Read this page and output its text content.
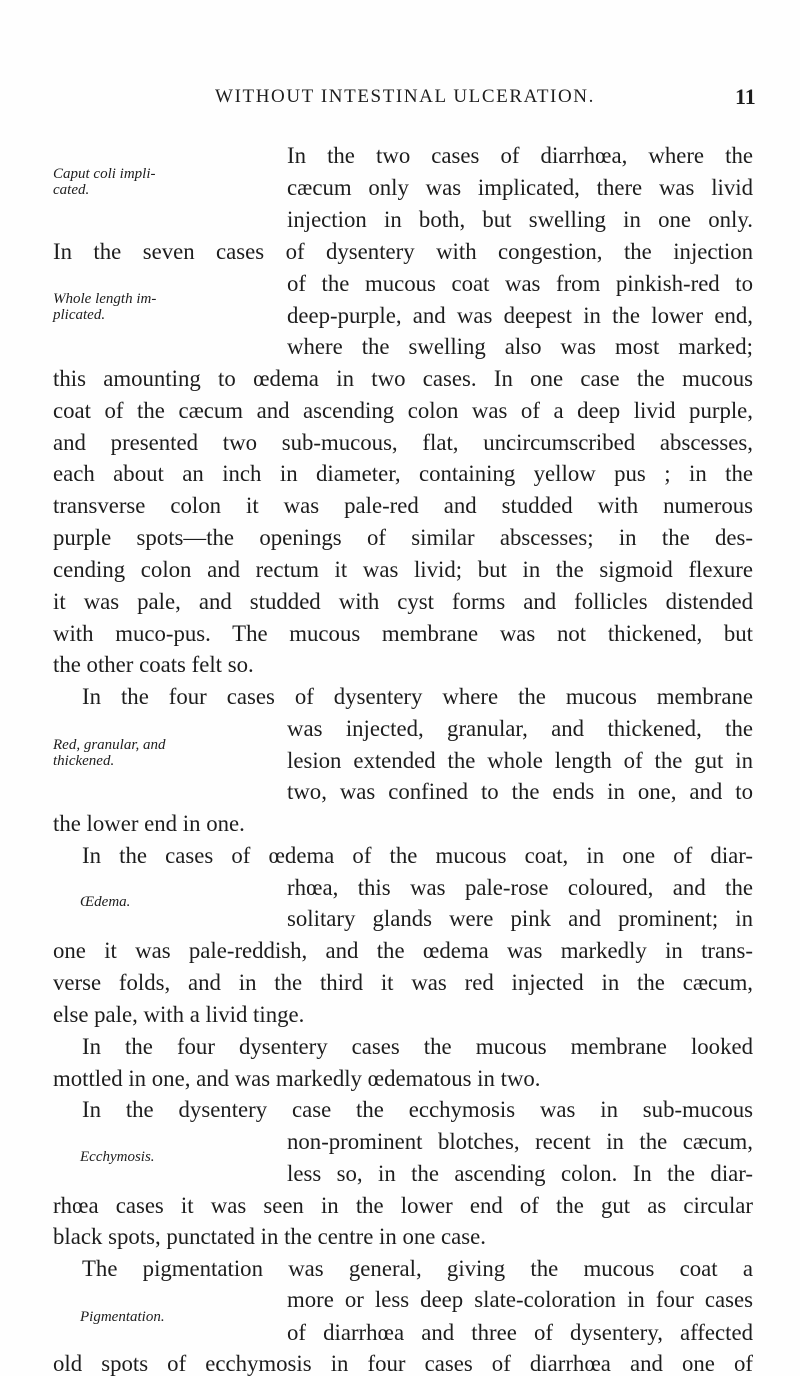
WITHOUT INTESTINAL ULCERATION.	11
In the two cases of diarrhœa, where the
Caput coli impli-
cated.	cæcum only was implicated, there was livid
injection in both, but swelling in one only.
In the seven cases of dysentery with congestion, the injection
of the mucous coat was from pinkish-red to
Whole length im-
plicated.	deep-purple, and was deepest in the lower end,
where the swelling also was most marked;
this amounting to œdema in two cases. In one case the mucous
coat of the cæcum and ascending colon was of a deep livid purple,
and presented two sub-mucous, flat, uncircumscribed abscesses,
each about an inch in diameter, containing yellow pus ; in the
transverse colon it was pale-red and studded with numerous
purple spots—the openings of similar abscesses; in the des-
cending colon and rectum it was livid; but in the sigmoid flexure
it was pale, and studded with cyst forms and follicles distended
with muco-pus. The mucous membrane was not thickened, but
the other coats felt so.
In the four cases of dysentery where the mucous membrane
was injected, granular, and thickened, the
Red, granular, and
thickened.	lesion extended the whole length of the gut in
two, was confined to the ends in one, and to
the lower end in one.
In the cases of œdema of the mucous coat, in one of diar-
rhœa, this was pale-rose coloured, and the
Œdema.
solitary glands were pink and prominent; in
one it was pale-reddish, and the œdema was markedly in trans-
verse folds, and in the third it was red injected in the cæcum,
else pale, with a livid tinge.
In the four dysentery cases the mucous membrane looked
mottled in one, and was markedly œdematous in two.
In the dysentery case the ecchymosis was in sub-mucous
non-prominent blotches, recent in the cæcum,
Ecchymosis.
less so, in the ascending colon. In the diar-
rhœa cases it was seen in the lower end of the gut as circular
black spots, punctated in the centre in one case.
The pigmentation was general, giving the mucous coat a
more or less deep slate-coloration in four cases
Pigmentation.
of diarrhœa and three of dysentery, affected
old spots of ecchymosis in four cases of diarrhœa and one of
